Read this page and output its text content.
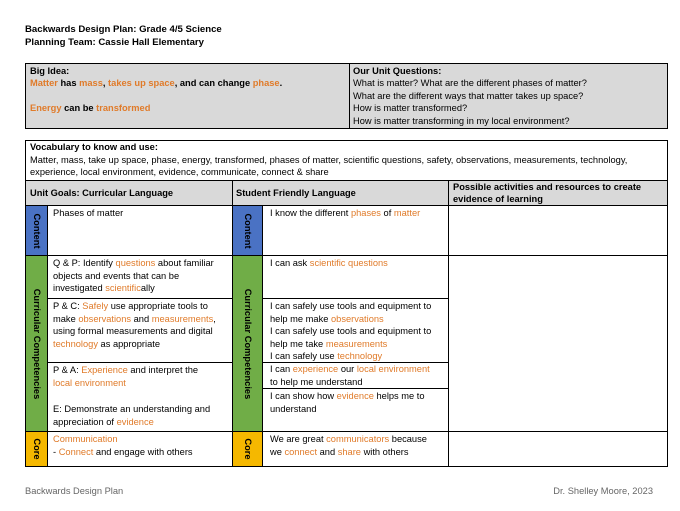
Backwards Design Plan: Grade 4/5 Science
Planning Team: Cassie Hall Elementary
Big Idea:
Matter has mass, takes up space, and can change phase.
Energy can be transformed
Our Unit Questions:
What is matter? What are the different phases of matter?
What are the different ways that matter takes up space?
How is matter transformed?
How is matter transforming in my local environment?
Vocabulary to know and use:
Matter, mass, take up space, phase, energy, transformed, phases of matter, scientific questions, safety, observations, measurements, technology,
experience, local environment, evidence, communicate, connect & share
Unit Goals: Curricular Language	Student Friendly Language
Possible activities and resources to create
evidence of learning
Content
Curricular Competencies
Core
Content
Curricular Competencies
Core
Phases of matter
Q & P: Identify questions about familiar
objects and events that can be
investigated scientifically
P & C: Safely use appropriate tools to
make observations and measurements,
using formal measurements and digital
technology as appropriate
P & A: Experience and interpret the
local environment
E: Demonstrate an understanding and
appreciation of evidence
Communication
- Connect and engage with others
I know the different phases of matter
I can ask scientific questions
I can safely use tools and equipment to
help me make observations
I can safely use tools and equipment to
help me take measurements
I can safely use technology
I can experience our local environment
to help me understand
I can show how evidence helps me to
understand
We are great communicators because
we connect and share with others
Backwards Design Plan	Dr. Shelley Moore, 2023
